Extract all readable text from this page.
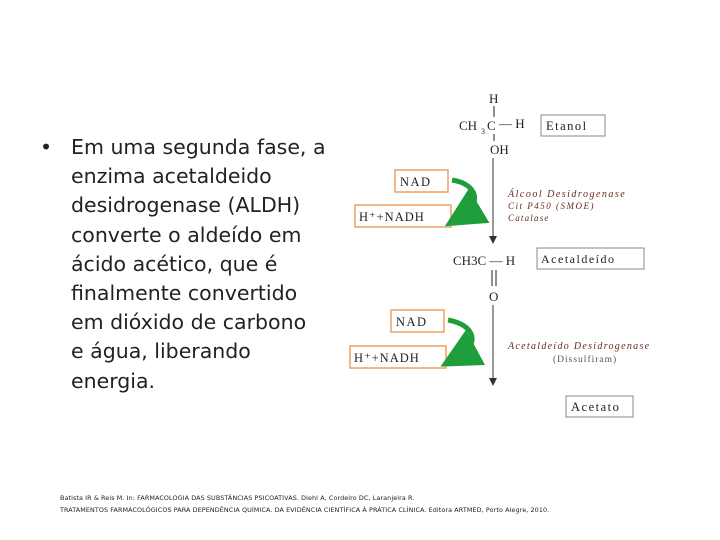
• Em uma segunda fase, a
enzima acetaldeido
desidrogenase (ALDH)
converte o aldeído em
ácido acético, que é
finalmente convertido
em dióxido de carbono
e água, liberando
energia.
H
CH 3 C — H
OH
Etanol
NAD
H⁺+NADH
Álcool Desidrogenase
Cit P450 (SMOE)
Catalase
CH3C — H
O
Acetaldeído
NAD
H⁺+NADH
Acetaldeído Desidrogenase
(Dissulfiram)
Acetato
Batista IR & Reis M. In: FARMACOLOGIA DAS SUBSTÂNCIAS PSICOATIVAS. Diehl A, Cordeiro DC, Laranjeira R.
TRATAMENTOS FARMACOLÓGICOS PARA DEPENDÊNCIA QUÍMICA. DA EVIDÊNCIA CIENTÍFICA À PRÁTICA CLÍNICA. Editora ARTMED, Porto Alegre, 2010.
